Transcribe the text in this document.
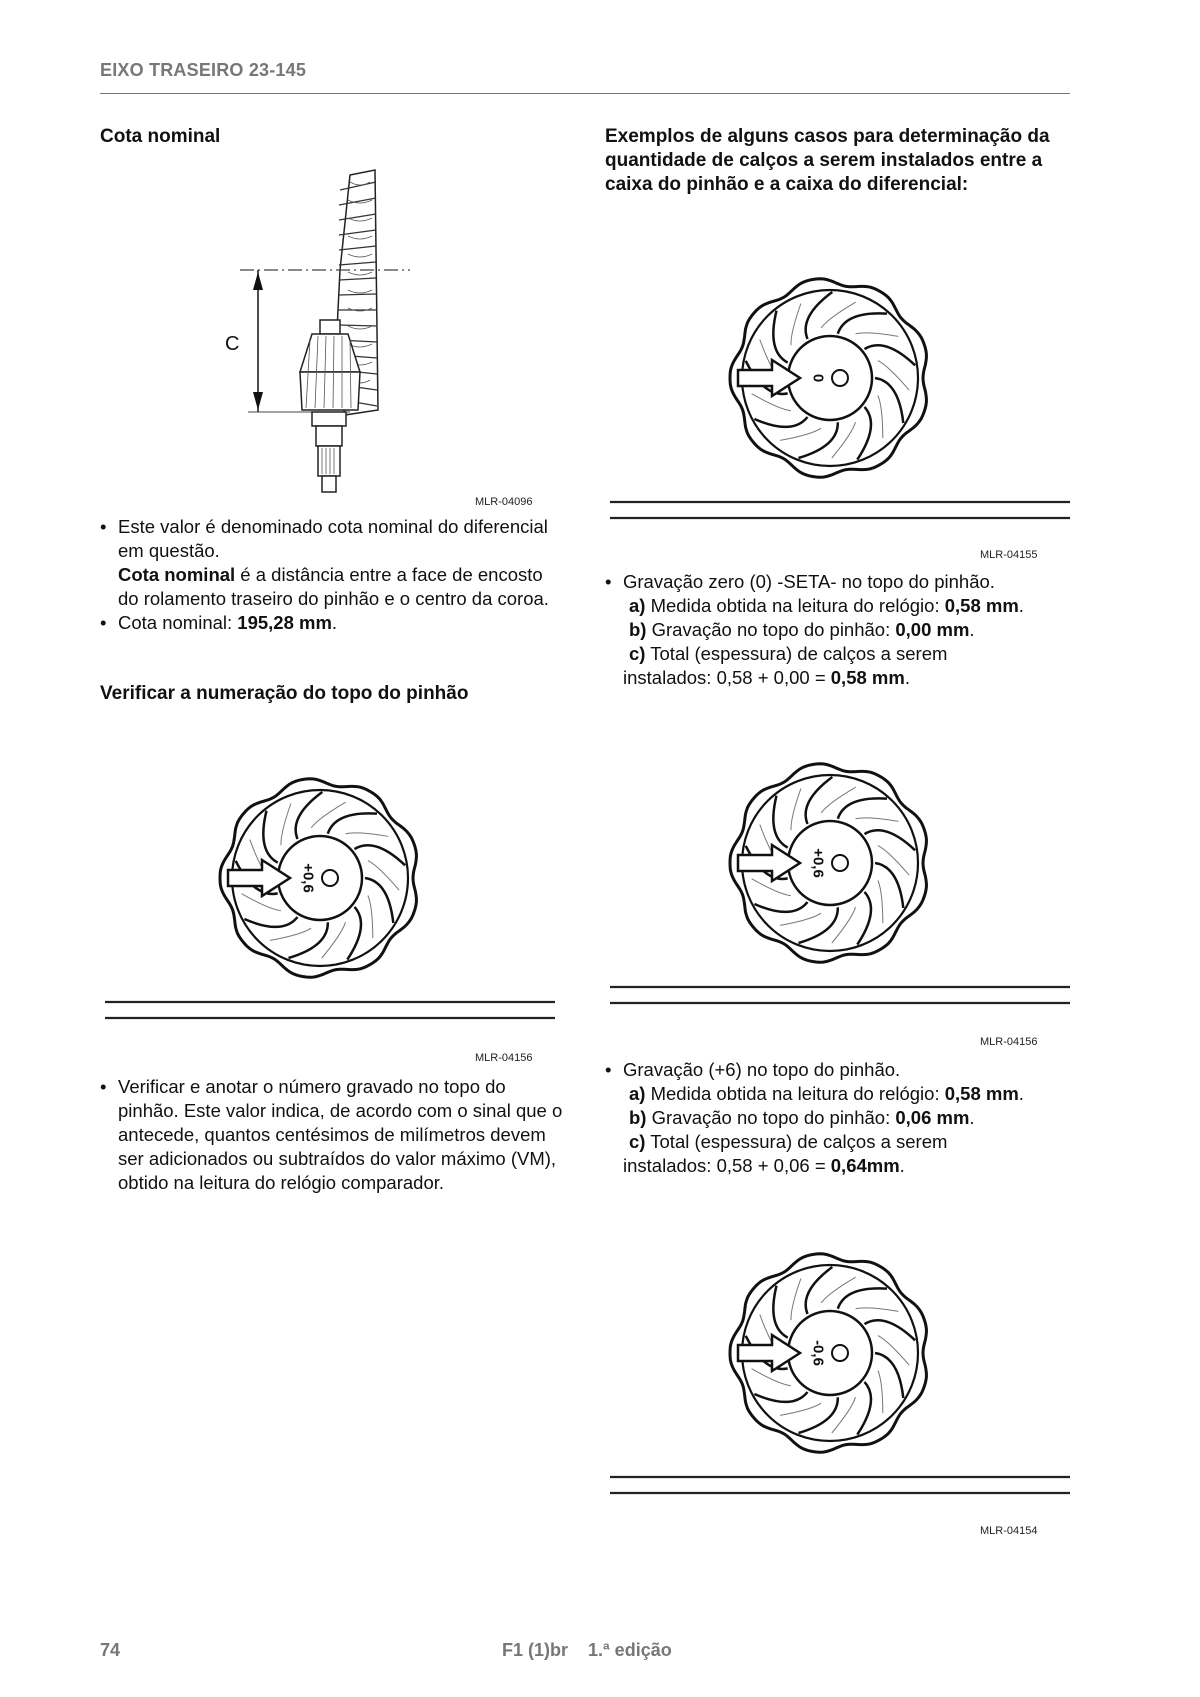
EIXO TRASEIRO 23-145
Cota nominal
C
MLR-04096
• Este valor é denominado cota nominal do diferencial em questão.
Cota nominal é a distância entre a face de encosto do rolamento traseiro do pinhão e o centro da coroa.
• Cota nominal: 195,28 mm.
Verificar a numeração do topo do pinhão
+0,6
MLR-04156
• Verificar e anotar o número gravado no topo do pinhão. Este valor indica, de acordo com o sinal que o antecede, quantos centésimos de milímetros devem ser adicionados ou subtraídos do valor máximo (VM), obtido na leitura do relógio comparador.
Exemplos de alguns casos para determinação da quantidade de calços a serem instalados entre a caixa do pinhão e a caixa do diferencial:
0
MLR-04155
• Gravação zero (0) -SETA- no topo do pinhão.
a) Medida obtida na leitura do relógio: 0,58 mm.
b) Gravação no topo do pinhão: 0,00 mm.
c) Total (espessura) de calços a serem
instalados: 0,58 + 0,00 = 0,58 mm.
+0,6
MLR-04156
• Gravação (+6) no topo do pinhão.
a) Medida obtida na leitura do relógio: 0,58 mm.
b) Gravação no topo do pinhão: 0,06 mm.
c) Total (espessura) de calços a serem
instalados: 0,58 + 0,06 = 0,64mm.
-0,6
MLR-04154
74	F1 (1)br    1.ª edição
